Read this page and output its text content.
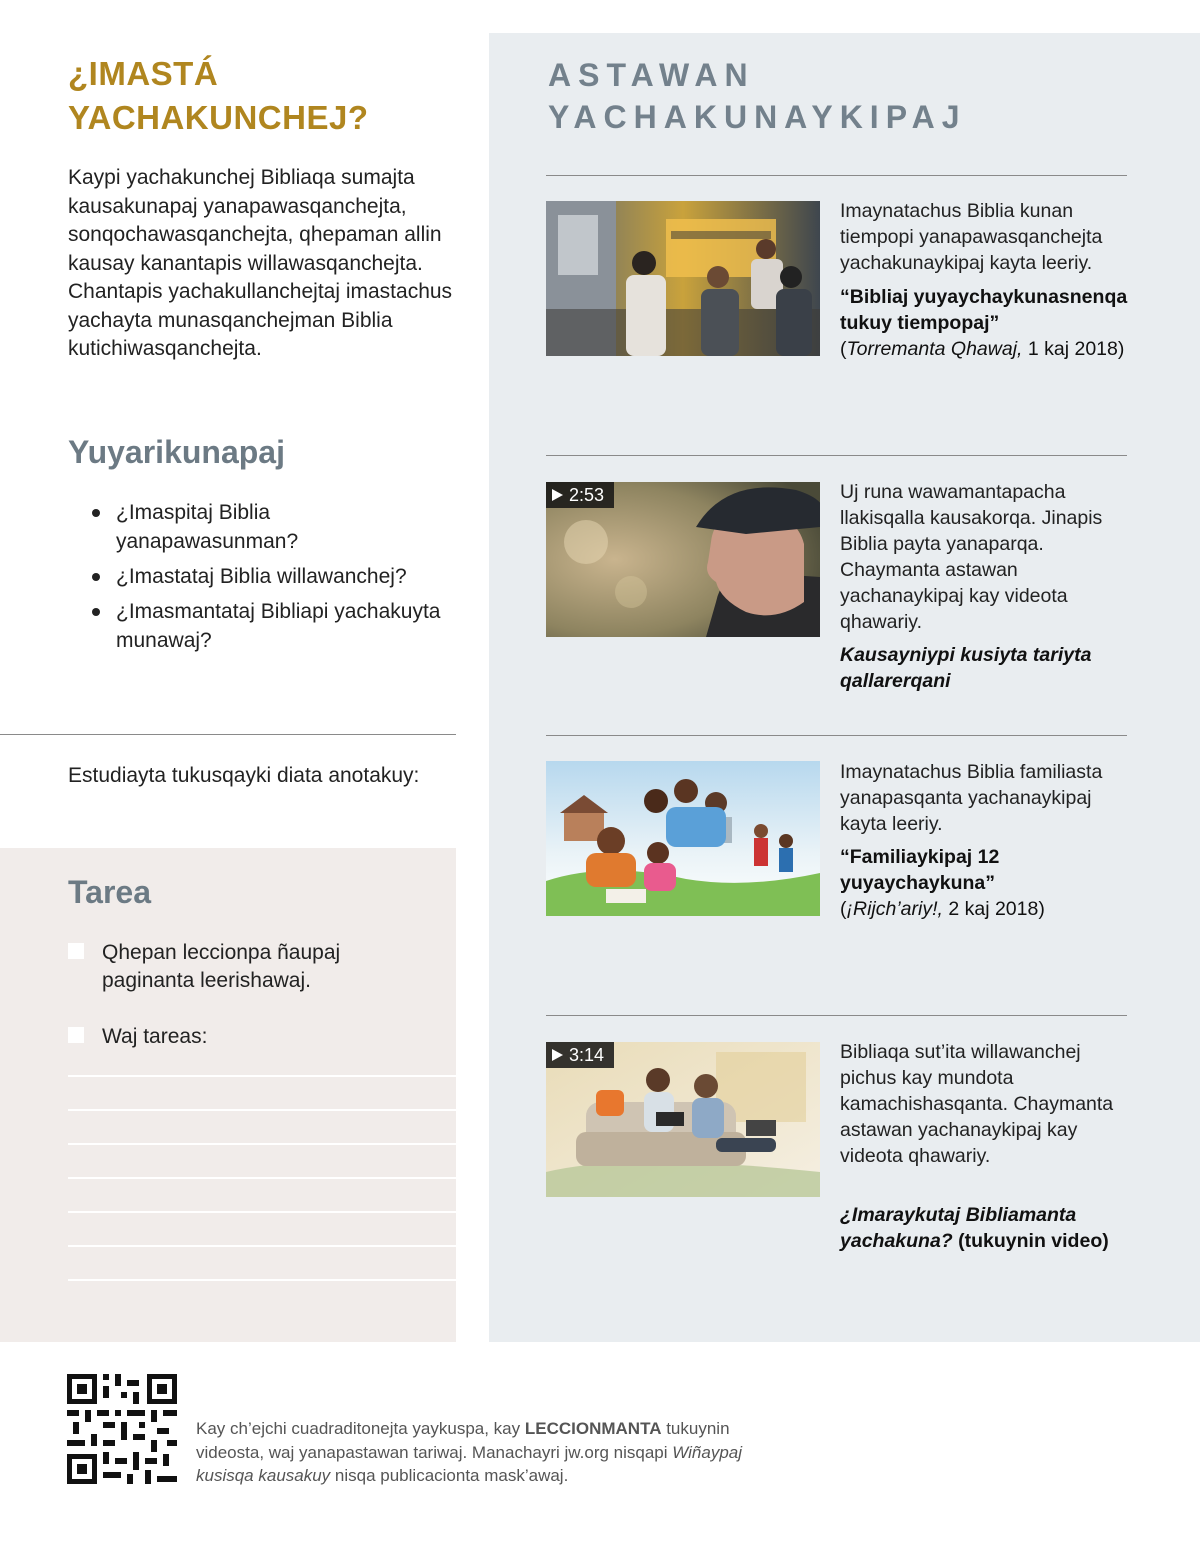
¿IMASTÁ
YACHAKUNCHEJ?

Kaypi yachakunchej Bibliaqa sumajta kausakunapaj yanapawasqanchejta, sonqochawasqanchejta, qhepaman allin kausay kanantapis willawasqanchejta. Chantapis yachakullanchejtaj imastachus yachayta munasqanchejman Biblia kutichiwasqanchejta.

Yuyarikunapaj
¿Imaspitaj Biblia yanapawasunman?
¿Imastataj Biblia willawanchej?
¿Imasmantataj Bibliapi yachakuyta munawaj?
Estudiayta tukusqayki diata anotakuy:
Tarea
Qhepan leccionpa ñaupaj paginanta leerishawaj.
Waj tareas:
ASTAWAN
YACHAKUNAYKIPAJ
Imaynatachus Biblia kunan tiempopi yanapawasqanchejta yachakunaykipaj kayta leeriy.
“Bibliaj yuyaychaykunasnenqa tukuy tiempopaj”
(Torremanta Qhawaj, 1 kaj 2018)
2:53	Uj runa wawamantapacha llakisqalla kausakorqa. Jinapis Biblia payta yanaparqa. Chaymanta astawan yachanaykipaj kay videota qhawariy.
Kausayniypi kusiyta tariyta qallarerqani
Imaynatachus Biblia familiasta yanapasqanta yachanaykipaj kayta leeriy.
“Familiaykipaj 12 yuyaychaykuna”
(¡Rijch’ariy!, 2 kaj 2018)
3:14	Bibliaqa sut’ita willawanchej pichus kay mundota kamachishasqanta. Chaymanta astawan yachanaykipaj kay videota qhawariy.
¿Imaraykutaj Bibliamanta yachakuna? (tukuynin video)
Kay ch’ejchi cuadraditonejta yaykuspa, kay LECCIONMANTA tukuynin videosta, waj yanapastawan tariwaj. Manachayri jw.org nisqapi Wiñaypaj kusisqa kausakuy nisqa publicacionta mask’awaj.
